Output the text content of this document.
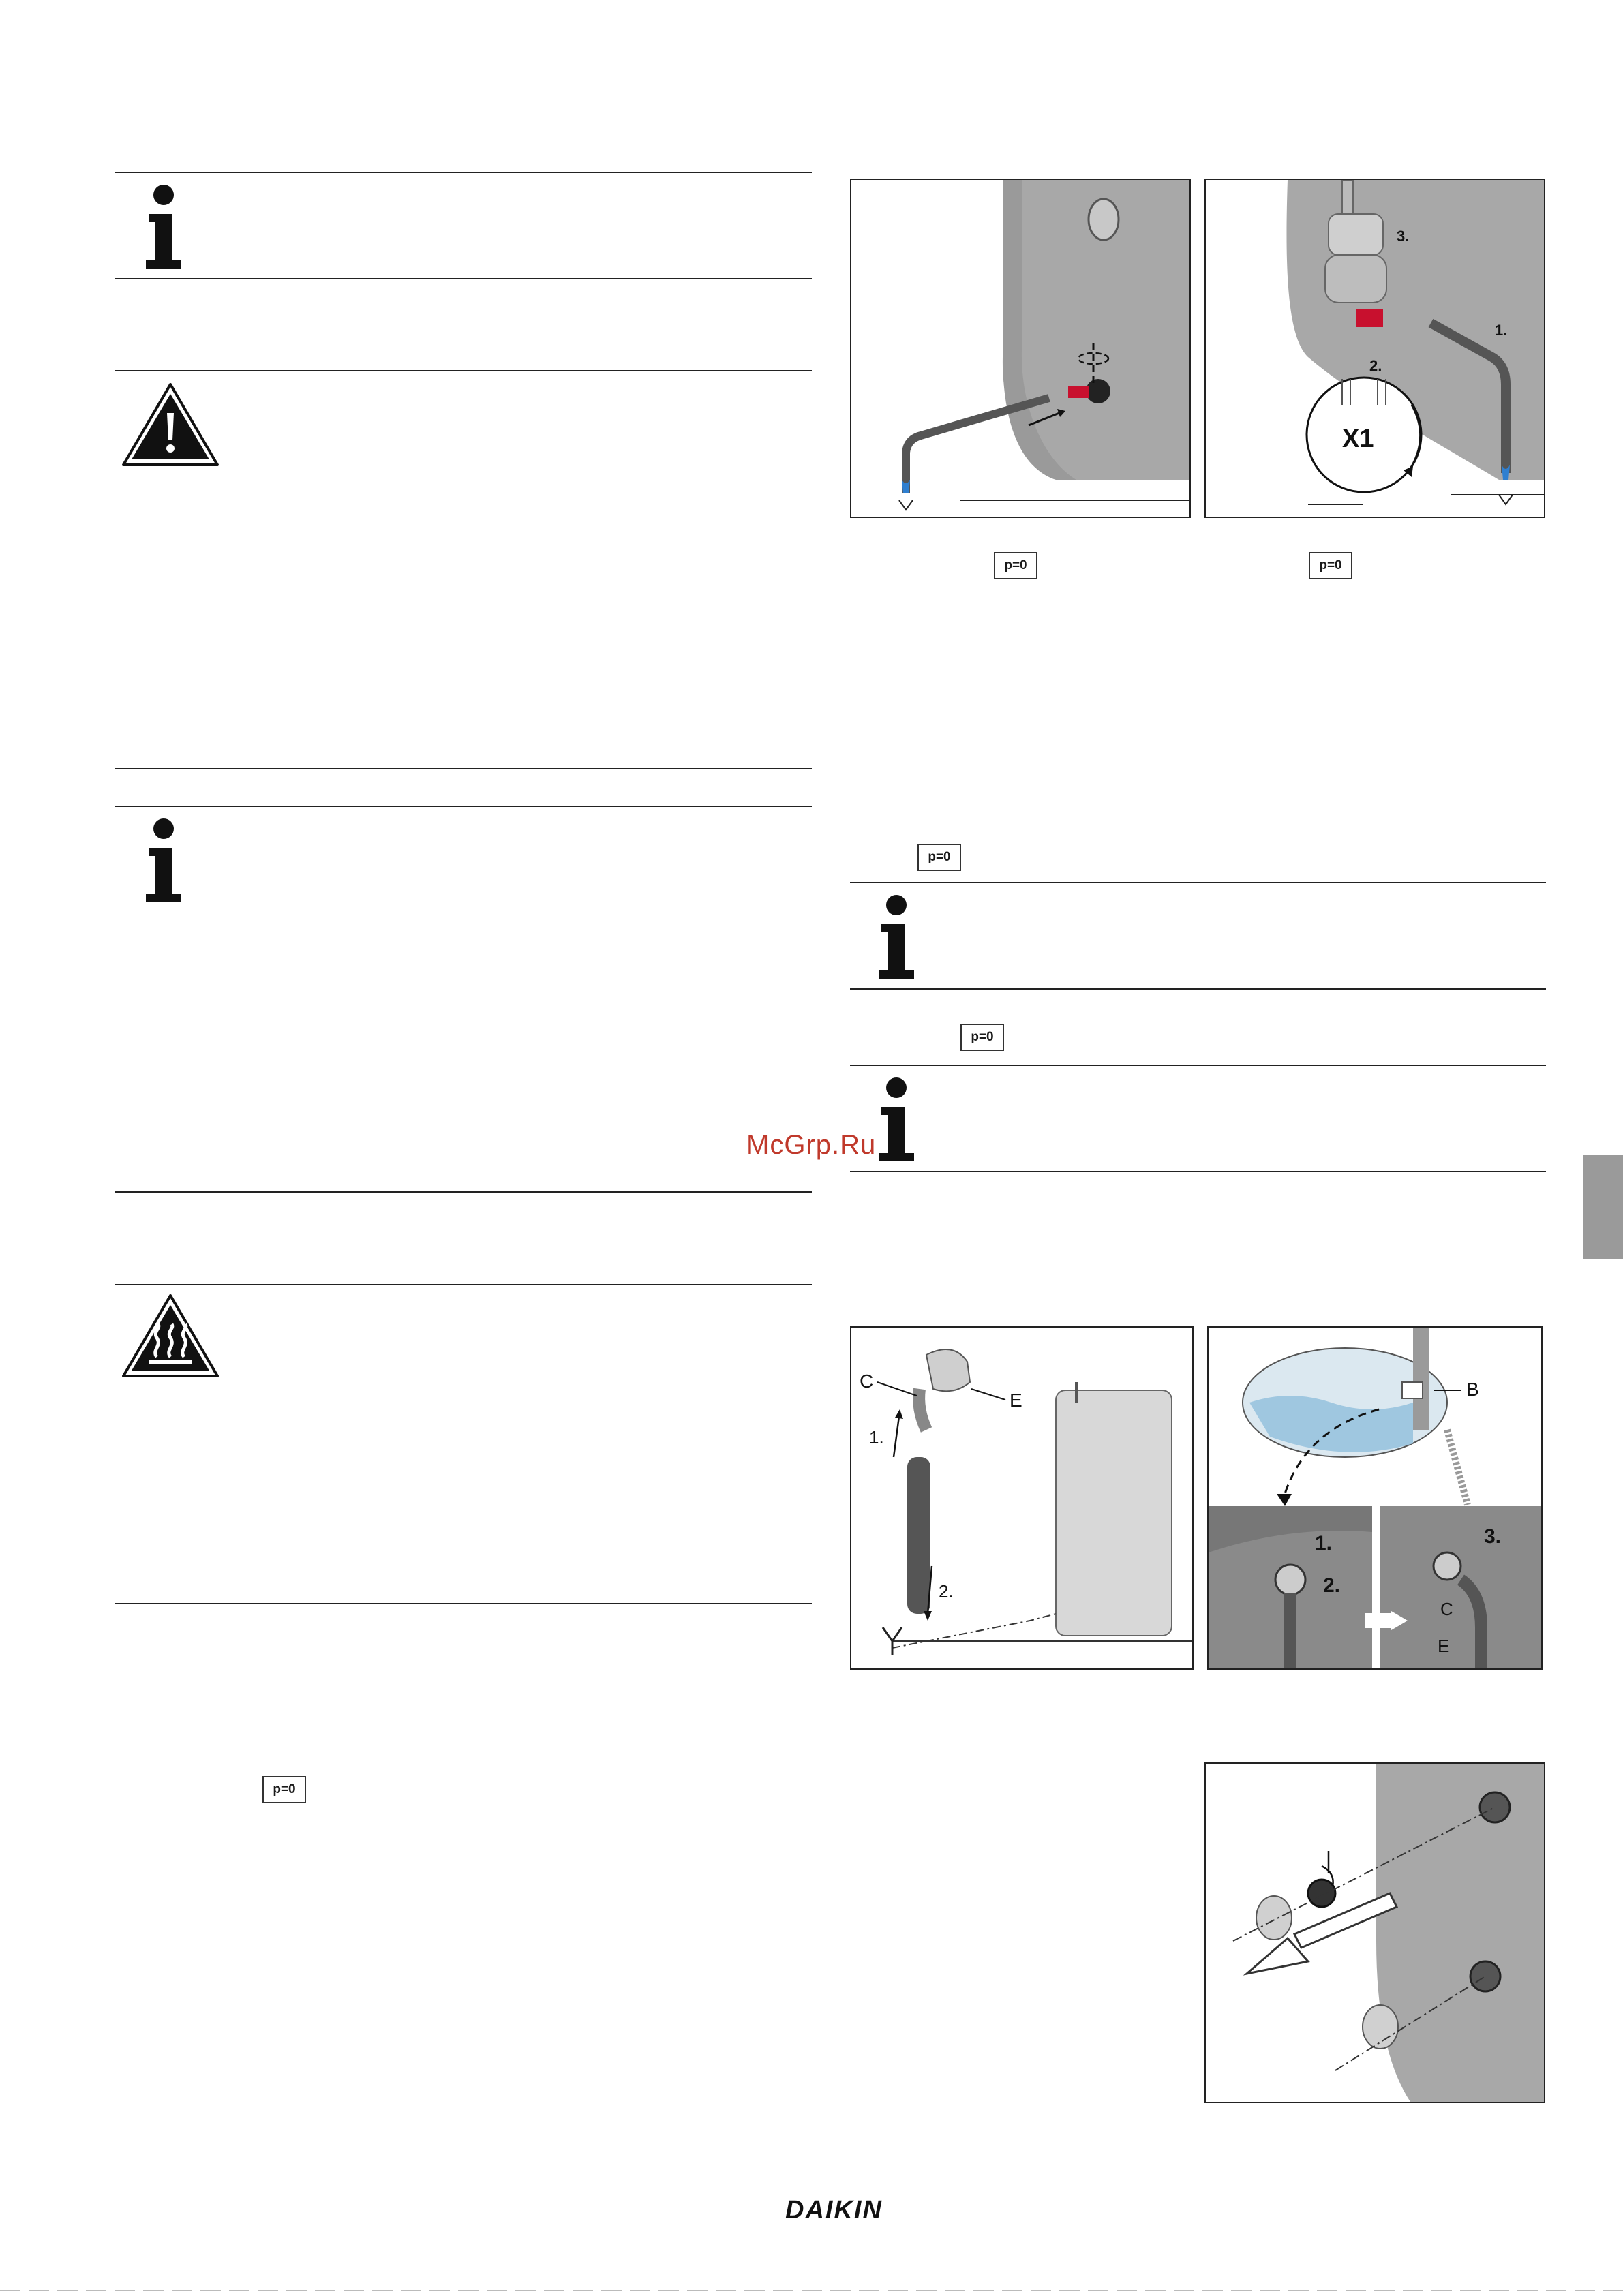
p=0
3.
1.
2.
X1
p=0	p=0
p=0
p=0
McGrp.Ru
C
E
1.
2.
B
1.
2.
3.
C
E
DAIKIN
